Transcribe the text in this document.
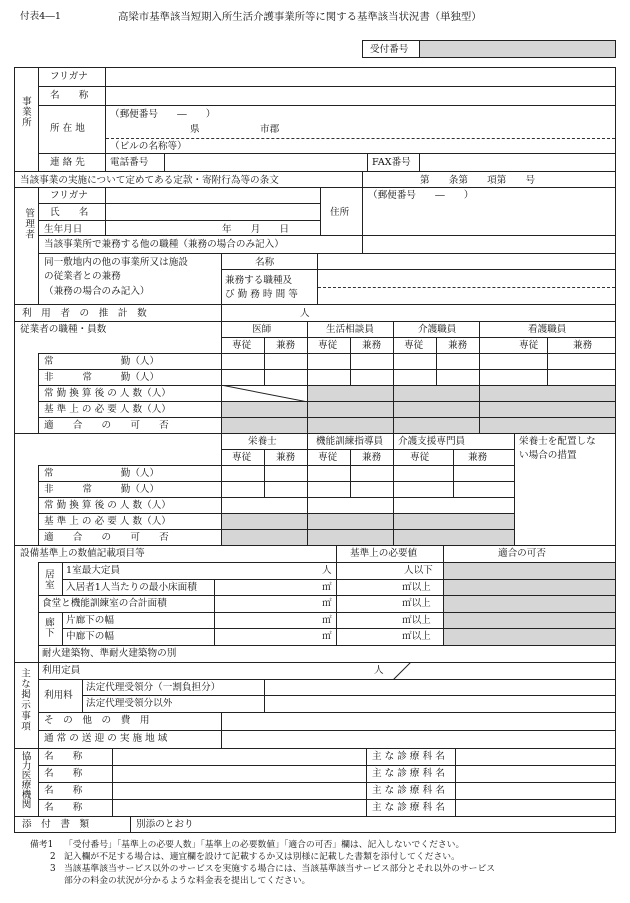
付表4―1	高梁市基準該当短期入所生活介護事業所等に関する基準該当状況書（単独型）
受付番号
事業所
フリガナ
名　　称
所 在 地
（郵便番号　　―　　）
県	市郡
（ビルの名称等）
連 絡 先	電話番号	FAX番号
当該事業の実施について定めてある定款・寄附行為等の条文	第　　条第　　項第　　号
管理者
フリガナ
氏　　名
生年月日	年　　月　　日
住所
（郵便番号　　―　　）
当該事業所で兼務する他の職種（兼務の場合のみ記入）
同一敷地内の他の事業所又は施設
の従業者との兼務
（兼務の場合のみ記入）
名称
兼務する職種及
び 勤 務 時 間 等
利　用　者　の　推　計　数	人
従業者の職種・員数	医師	生活相談員	介護職員	看護職員
専従	兼務 専従	兼務 専従	兼務	専従	兼務
常　　　　　　　勤（人）
非　　　常　　　勤（人）
常 勤 換 算 後 の 人 数（人）
基 準 上 の 必 要 人 数（人）
適　　合　　の　　可　　否
栄養士	機能訓練指導員 介護支援専門員	栄養士を配置しな
い場合の措置
専従	兼務 専従	兼務	専従	兼務
常　　　　　　　勤（人）
非　　　常　　　勤（人）
常 勤 換 算 後 の 人 数（人）
基 準 上 の 必 要 人 数（人）
適　　合　　の　　可　　否
設備基準上の数値記載項目等	基準上の必要値	適合の可否
居室
廊下
1室最大定員	人	人以下
入居者1人当たりの最小床面積	㎡	㎡以上
食堂と機能訓練室の合計面積	㎡	㎡以上
片廊下の幅	㎡	㎡以上
中廊下の幅	㎡	㎡以上
耐火建築物、準耐火建築物の別
主な掲示事項 利用定員	人
利用料
法定代理受領分（一割負担分）
法定代理受領分以外
そ　の　他　の　費　用
通 常 の 送 迎 の 実 施 地 域
協力医療機関 名　　称	主 な 診 療 科 名
名　　称	主 な 診 療 科 名
名　　称	主 な 診 療 科 名
名　　称	主 な 診 療 科 名
添　付　書　類	別添のとおり
備考1 「受付番号」「基準上の必要人数」「基準上の必要数値」「適合の可否」欄は、記入しないでください。
2 記入欄が不足する場合は、適宜欄を設けて記載するか又は別様に記載した書類を添付してください。
3 当該基準該当サービス以外のサービスを実施する場合には、当該基準該当サービス部分とそれ以外のサービス
部分の料金の状況が分かるような料金表を提出してください。
